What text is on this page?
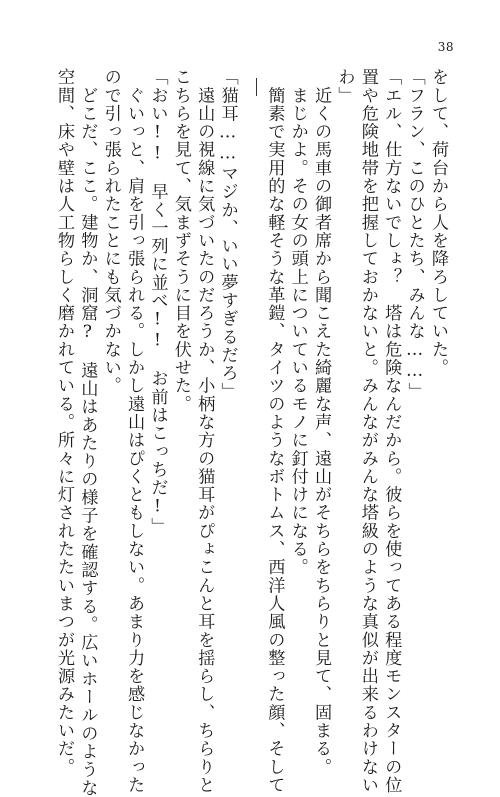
38
をして、荷台から人を降ろしていた。
「フラン、このひとたち、みんな……」
「エル、仕方ないでしょ？　塔は危険なんだから。彼らを使ってある程度モンスターの位
置や危険地帯を把握しておかないと。みんながみんな塔級のような真似が出来るわけない
わ」
　近くの馬車の御者席から聞こえた綺麗な声、遠山がそちらをちらりと見て、固まる。
　まじかよ。その女の頭上についているモノに釘付けになる。
　簡素で実用的な軽そうな革鎧、タイツのようなボトムス、西洋人風の整った顔、そして
「猫耳……マジか、いい夢すぎるだろ」
　遠山の視線に気づいたのだろうか、小柄な方の猫耳がぴょこんと耳を揺らし、ちらりと
こちらを見て、気まずそうに目を伏せた。
「おい!!　早く一列に並べ!!　お前はこっちだ!」
　ぐいっと、肩を引っ張られる。しかし遠山はぴくともしない。あまり力を感じなかった
ので引っ張られたことにも気づかない。
　どこだ、ここ。建物か、洞窟?　遠山はあたりの様子を確認する。広いホールのような
空間、床や壁は人工物らしく磨かれている。所々に灯されたたいまつが光源みたいだ。
